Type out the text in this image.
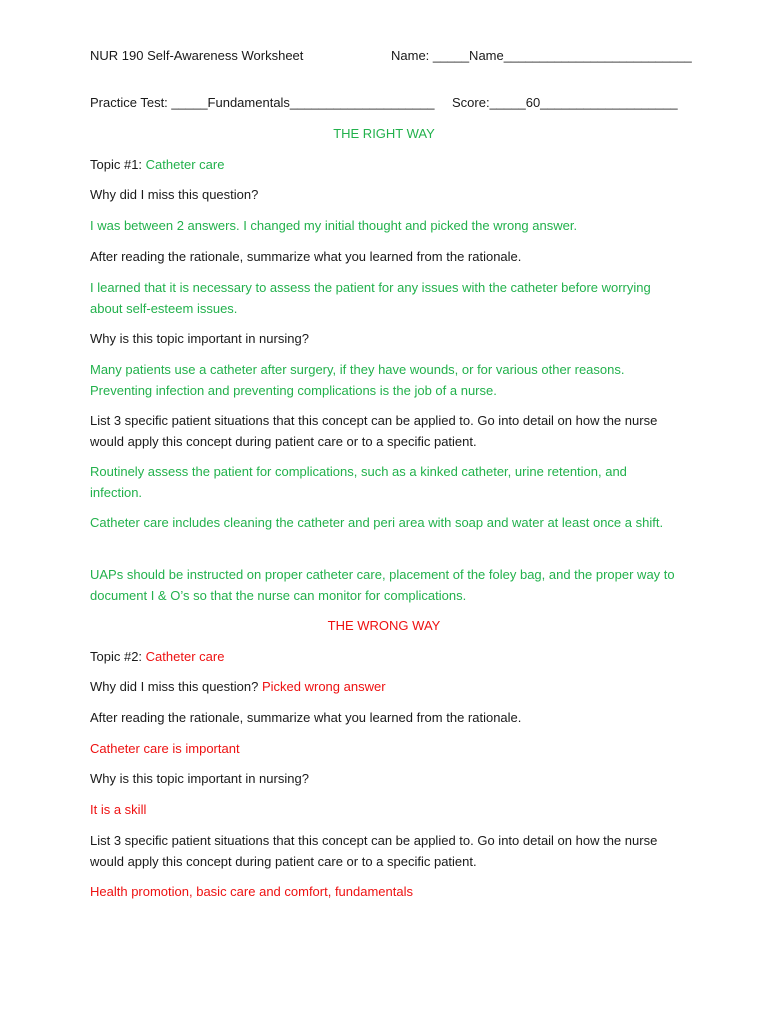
NUR 190 Self-Awareness Worksheet	Name: _____Name__________________________
Practice Test: _____Fundamentals____________________ Score:_____60___________________
THE RIGHT WAY
Topic #1: Catheter care
Why did I miss this question?
I was between 2 answers. I changed my initial thought and picked the wrong answer.
After reading the rationale, summarize what you learned from the rationale.
I learned that it is necessary to assess the patient for any issues with the catheter before worrying about self-esteem issues.
Why is this topic important in nursing?
Many patients use a catheter after surgery, if they have wounds, or for various other reasons. Preventing infection and preventing complications is the job of a nurse.
List 3 specific patient situations that this concept can be applied to. Go into detail on how the nurse would apply this concept during patient care or to a specific patient.
Routinely assess the patient for complications, such as a kinked catheter, urine retention, and infection.
Catheter care includes cleaning the catheter and peri area with soap and water at least once a shift.
UAPs should be instructed on proper catheter care, placement of the foley bag, and the proper way to document I & O’s so that the nurse can monitor for complications.
THE WRONG WAY
Topic #2: Catheter care
Why did I miss this question? Picked wrong answer
After reading the rationale, summarize what you learned from the rationale.
Catheter care is important
Why is this topic important in nursing?
It is a skill
List 3 specific patient situations that this concept can be applied to. Go into detail on how the nurse would apply this concept during patient care or to a specific patient.
Health promotion, basic care and comfort, fundamentals
